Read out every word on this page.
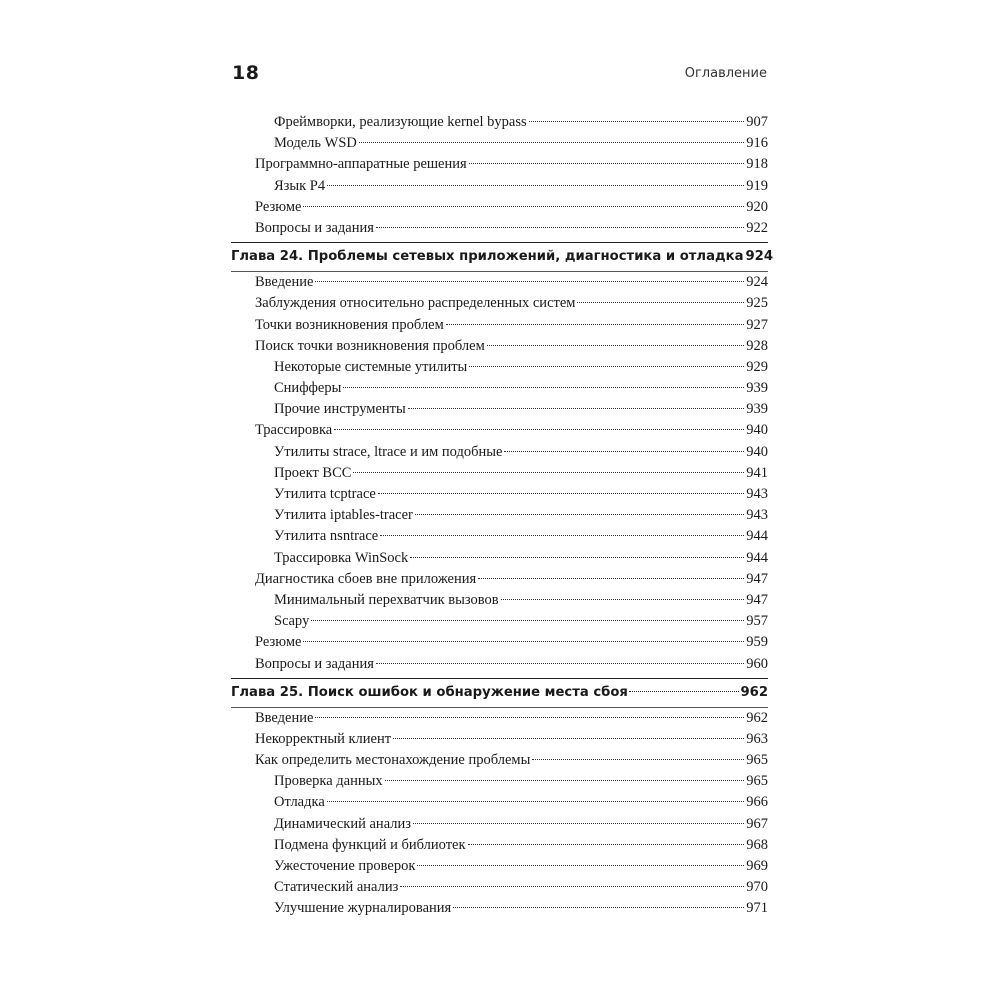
18	Оглавление
Фреймворки, реализующие kernel bypass	907
Модель WSD	916
Программно-аппаратные решения	918
Язык P4	919
Резюме	920
Вопросы и задания	922
Глава 24. Проблемы сетевых приложений, диагностика и отладка 924
Введение	924
Заблуждения относительно распределенных систем	925
Точки возникновения проблем	927
Поиск точки возникновения проблем	928
Некоторые системные утилиты	929
Снифферы	939
Прочие инструменты	939
Трассировка	940
Утилиты strace, ltrace и им подобные	940
Проект BCC	941
Утилита tcptrace	943
Утилита iptables-tracer	943
Утилита nsntrace	944
Трассировка WinSock	944
Диагностика сбоев вне приложения	947
Минимальный перехватчик вызовов	947
Scapy	957
Резюме	959
Вопросы и задания	960
Глава 25. Поиск ошибок и обнаружение места сбоя	962
Введение	962
Некорректный клиент	963
Как определить местонахождение проблемы	965
Проверка данных	965
Отладка	966
Динамический анализ	967
Подмена функций и библиотек	968
Ужесточение проверок	969
Статический анализ	970
Улучшение журналирования	971
